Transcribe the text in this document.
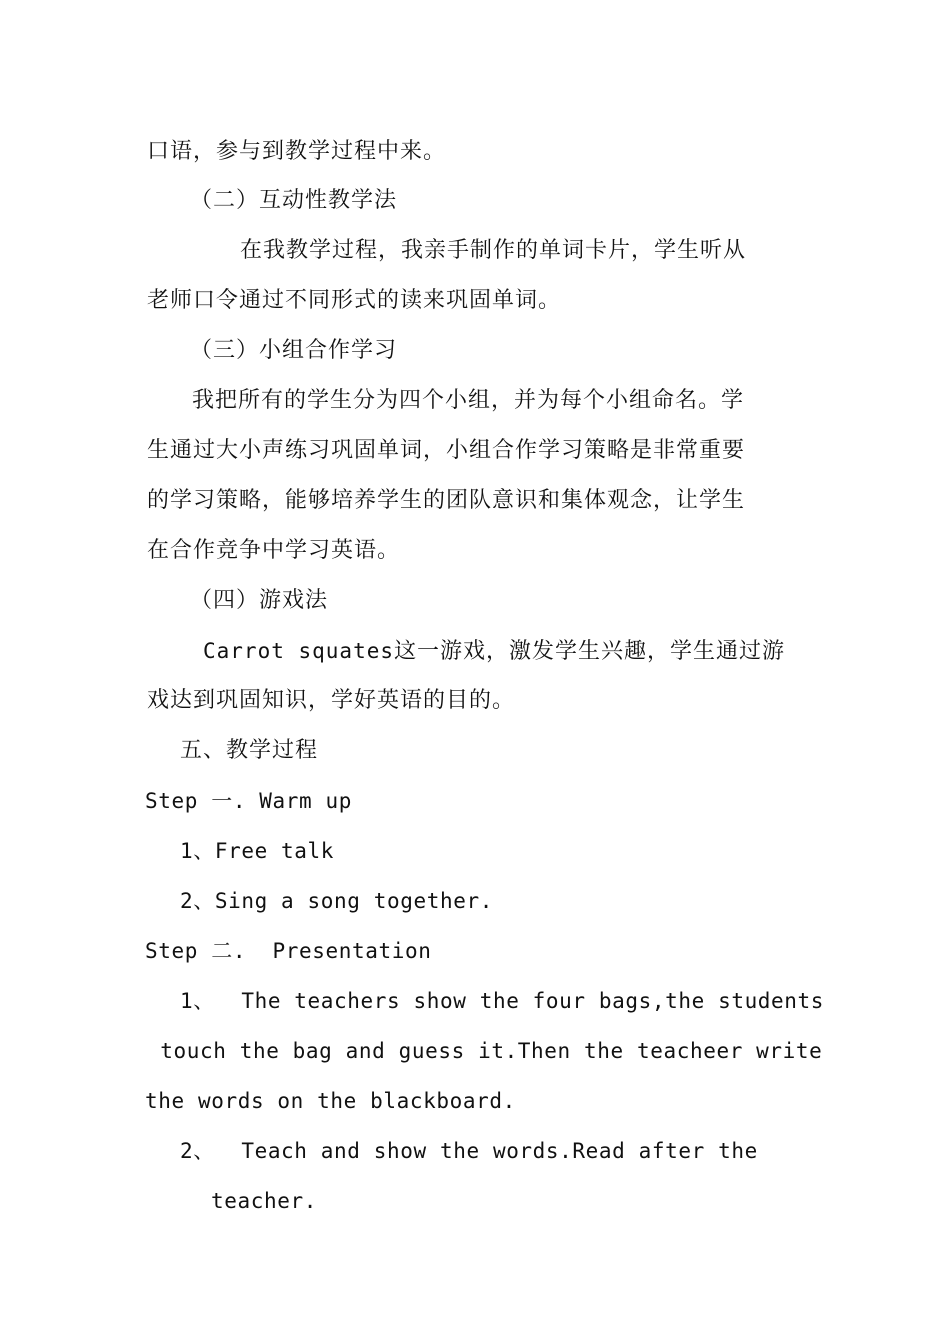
口语，参与到教学过程中来。
（二）互动性教学法
在我教学过程，我亲手制作的单词卡片，学生听从
老师口令通过不同形式的读来巩固单词。
（三）小组合作学习
我把所有的学生分为四个小组，并为每个小组命名。学
生通过大小声练习巩固单词，小组合作学习策略是非常重要
的学习策略，能够培养学生的团队意识和集体观念，让学生
在合作竞争中学习英语。
（四）游戏法
Carrot squates这一游戏，激发学生兴趣，学生通过游
戏达到巩固知识，学好英语的目的。
五、教学过程
Step 一. Warm up
1、Free talk
2、Sing a song together.
Step 二.  Presentation
1、  The teachers show the four bags,the students
touch the bag and guess it.Then the teacheer write
the words on the blackboard.
2、  Teach and show the words.Read after the
teacher.
